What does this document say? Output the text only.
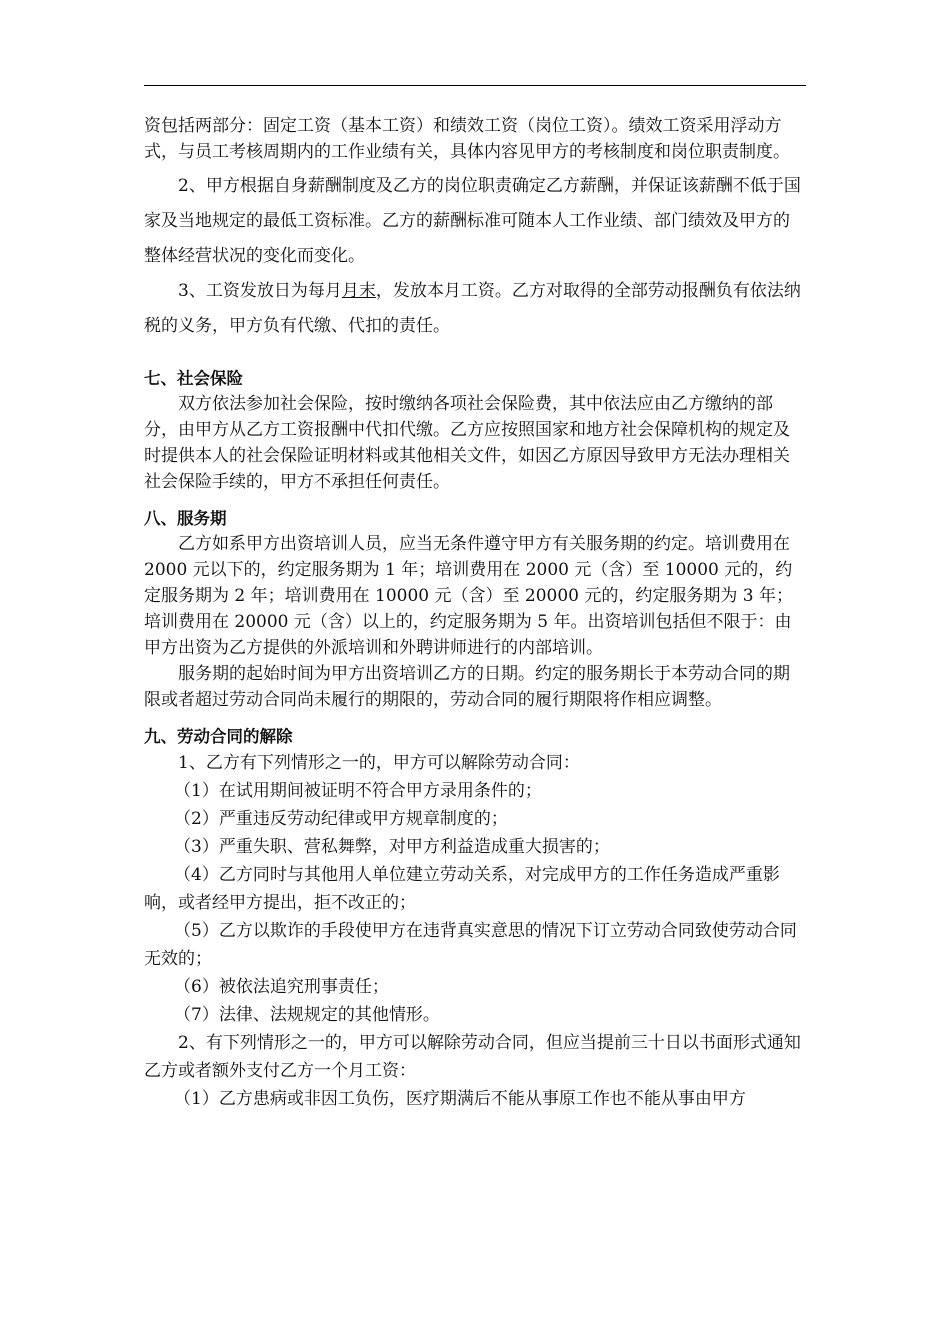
资包括两部分：固定工资（基本工资）和绩效工资（岗位工资）。绩效工资采用浮动方式，与员工考核周期内的工作业绩有关，具体内容见甲方的考核制度和岗位职责制度。

2、甲方根据自身薪酬制度及乙方的岗位职责确定乙方薪酬，并保证该薪酬不低于国家及当地规定的最低工资标准。乙方的薪酬标准可随本人工作业绩、部门绩效及甲方的整体经营状况的变化而变化。

3、工资发放日为每月月末，发放本月工资。乙方对取得的全部劳动报酬负有依法纳税的义务，甲方负有代缴、代扣的责任。

七、社会保险

双方依法参加社会保险，按时缴纳各项社会保险费，其中依法应由乙方缴纳的部分，由甲方从乙方工资报酬中代扣代缴。乙方应按照国家和地方社会保障机构的规定及时提供本人的社会保险证明材料或其他相关文件，如因乙方原因导致甲方无法办理相关社会保险手续的，甲方不承担任何责任。

八、服务期

乙方如系甲方出资培训人员，应当无条件遵守甲方有关服务期的约定。培训费用在 2000 元以下的，约定服务期为 1 年；培训费用在 2000 元（含）至 10000 元的，约定服务期为 2 年；培训费用在 10000 元（含）至 20000 元的，约定服务期为 3 年；培训费用在 20000 元（含）以上的，约定服务期为 5 年。出资培训包括但不限于：由甲方出资为乙方提供的外派培训和外聘讲师进行的内部培训。

服务期的起始时间为甲方出资培训乙方的日期。约定的服务期长于本劳动合同的期限或者超过劳动合同尚未履行的期限的，劳动合同的履行期限将作相应调整。

九、劳动合同的解除

1、乙方有下列情形之一的，甲方可以解除劳动合同：

（1）在试用期间被证明不符合甲方录用条件的；

（2）严重违反劳动纪律或甲方规章制度的；

（3）严重失职、营私舞弊，对甲方利益造成重大损害的；

（4）乙方同时与其他用人单位建立劳动关系，对完成甲方的工作任务造成严重影响，或者经甲方提出，拒不改正的；

（5）乙方以欺诈的手段使甲方在违背真实意思的情况下订立劳动合同致使劳动合同无效的；

（6）被依法追究刑事责任；

（7）法律、法规规定的其他情形。

2、有下列情形之一的，甲方可以解除劳动合同，但应当提前三十日以书面形式通知乙方或者额外支付乙方一个月工资：

（1）乙方患病或非因工负伤，医疗期满后不能从事原工作也不能从事由甲方
